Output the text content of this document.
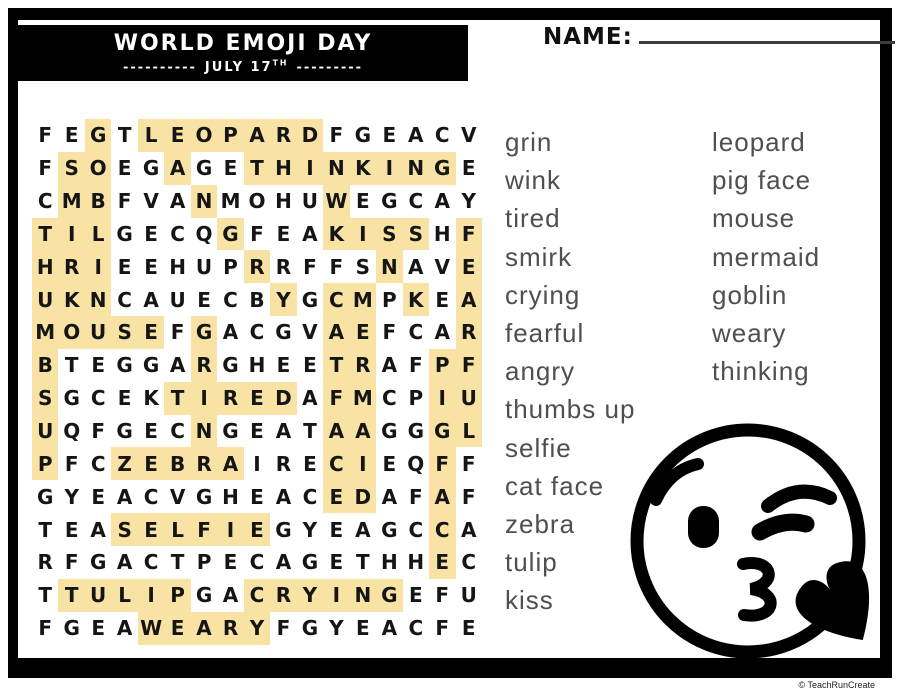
WORLD EMOJI DAY
---------- JULY 17TH ---------
NAME:
F E G T L E O P A R D F G E A C V
F S O E G A G E T H I N K I N G E
C M B F V A N M O H U W E G C A Y
T I L G E C Q G F E A K I S S H F
H R I E E H U P R R F F S N A V E
U K N C A U E C B Y G C M P K E A
M O U S E F G A C G V A E F C A R
B T E G G A R G H E E T R A F P F
S G C E K T I R E D A F M C P I U
U Q F G E C N G E A T A A G G G L
P F C Z E B R A I R E C I E Q F F
G Y E A C V G H E A C E D A F A F
T E A S E L F I E G Y E A G C C A
R F G A C T P E C A G E T H H E C
T T U L I P G A C R Y I N G E F U
F G E A W E A R Y F G Y E A C F E
grin
wink
tired
smirk
crying
fearful
angry
thumbs up
selfie
cat face
zebra
tulip
kiss
leopard
pig face
mouse
mermaid
goblin
weary
thinking
© TeachRunCreate
